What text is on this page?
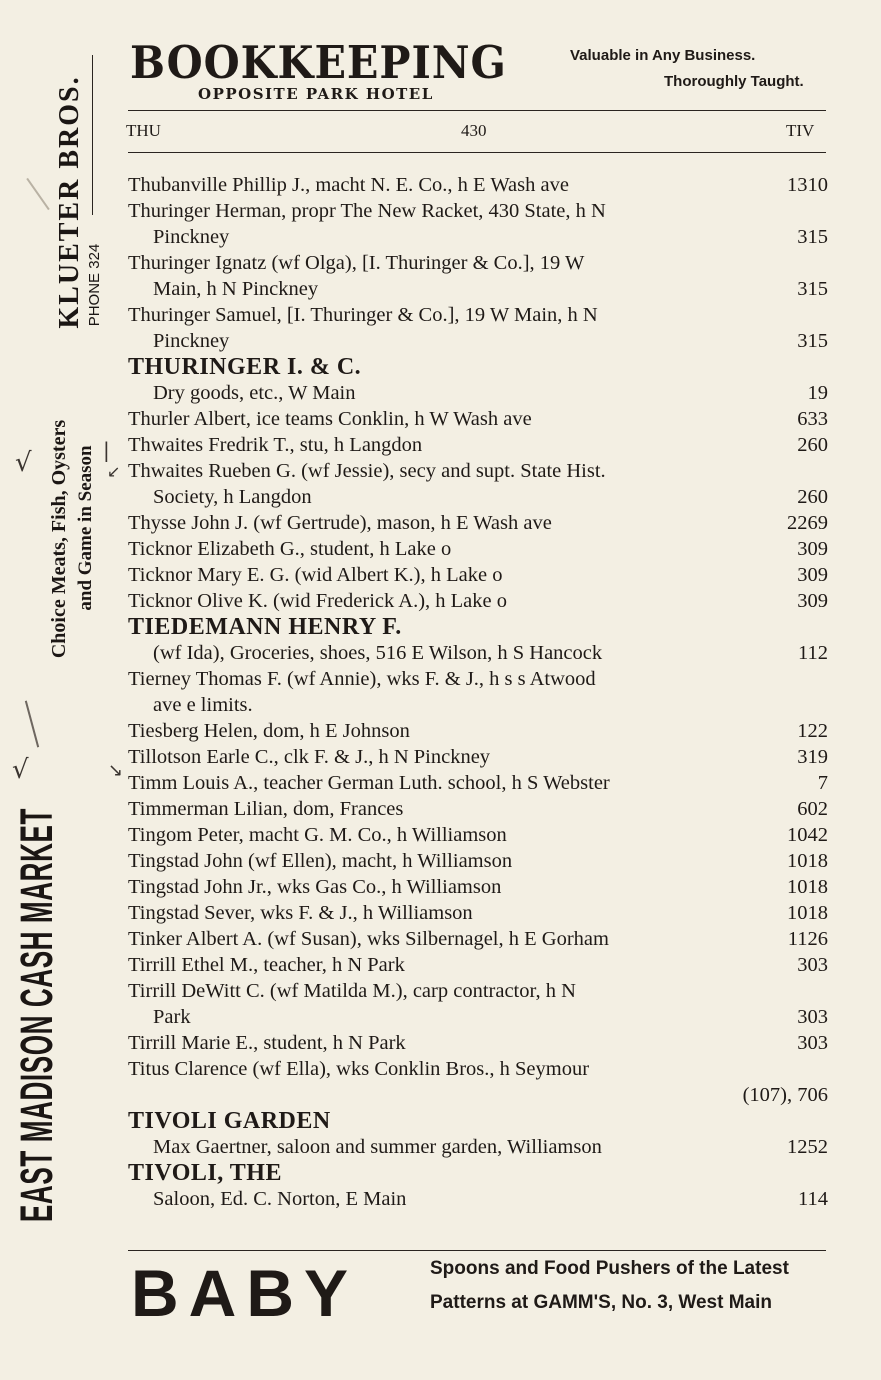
EAST MADISON CASH MARKET
Choice Meats, Fish, Oysters and Game in Season
KLUETER BROS. PHONE 324
√
√	↘
|
↙
BOOKKEEPING
OPPOSITE PARK HOTEL
Valuable in Any Business.
Thoroughly Taught.
THU	430	TIV
Thubanville Phillip J., macht N. E. Co., h E Wash ave	1310
Thuringer Herman, propr The New Racket, 430 State, h N
Pinckney	315
Thuringer Ignatz (wf Olga), [I. Thuringer & Co.], 19 W
Main, h N Pinckney	315
Thuringer Samuel, [I. Thuringer & Co.], 19 W Main, h N
Pinckney	315
THURINGER I. & C.
Dry goods, etc., W Main	19
Thurler Albert, ice teams Conklin, h W Wash ave	633
Thwaites Fredrik T., stu, h Langdon	260
Thwaites Rueben G. (wf Jessie), secy and supt. State Hist.
Society, h Langdon	260
Thysse John J. (wf Gertrude), mason, h E Wash ave	2269
Ticknor Elizabeth G., student, h Lake o	309
Ticknor Mary E. G. (wid Albert K.), h Lake o	309
Ticknor Olive K. (wid Frederick A.), h Lake o	309
TIEDEMANN HENRY F.
(wf Ida), Groceries, shoes, 516 E Wilson, h S Hancock	112
Tierney Thomas F. (wf Annie), wks F. & J., h s s Atwood
ave e limits.
Tiesberg Helen, dom, h E Johnson	122
Tillotson Earle C., clk F. & J., h N Pinckney	319
Timm Louis A., teacher German Luth. school, h S Webster	7
Timmerman Lilian, dom, Frances	602
Tingom Peter, macht G. M. Co., h Williamson	1042
Tingstad John (wf Ellen), macht, h Williamson	1018
Tingstad John Jr., wks Gas Co., h Williamson	1018
Tingstad Sever, wks F. & J., h Williamson	1018
Tinker Albert A. (wf Susan), wks Silbernagel, h E Gorham	1126
Tirrill Ethel M., teacher, h N Park	303
Tirrill DeWitt C. (wf Matilda M.), carp contractor, h N
Park	303
Tirrill Marie E., student, h N Park	303
Titus Clarence (wf Ella), wks Conklin Bros., h Seymour
(107), 706
TIVOLI GARDEN
Max Gaertner, saloon and summer garden, Williamson	1252
TIVOLI, THE
Saloon, Ed. C. Norton, E Main	114
BABY	Spoons and Food Pushers of the Latest
Patterns at GAMM'S, No. 3, West Main
